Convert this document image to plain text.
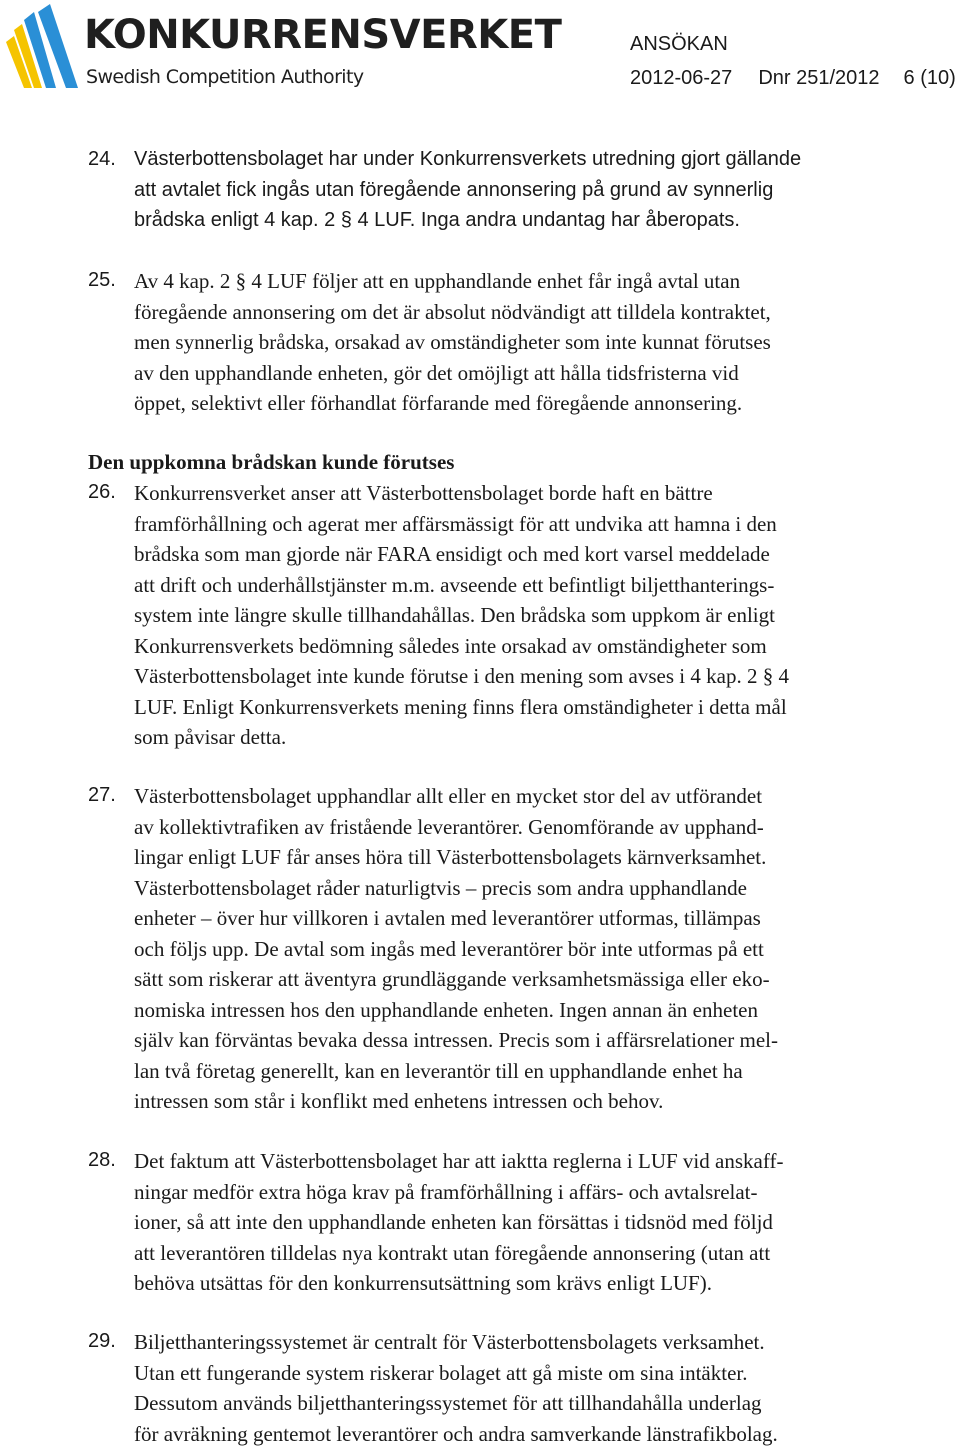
KONKURRENSVERKET
Swedish Competition Authority
ANSÖKAN
2012-06-27 Dnr 251/2012 6 (10)
24. Västerbottensbolaget har under Konkurrensverkets utredning gjort gällande
att avtalet fick ingås utan föregående annonsering på grund av synnerlig
brådska enligt 4 kap. 2 § 4 LUF. Inga andra undantag har åberopats.
25. Av 4 kap. 2 § 4 LUF följer att en upphandlande enhet får ingå avtal utan
föregående annonsering om det är absolut nödvändigt att tilldela kontraktet,
men synnerlig brådska, orsakad av omständigheter som inte kunnat förutses
av den upphandlande enheten, gör det omöjligt att hålla tidsfristerna vid
öppet, selektivt eller förhandlat förfarande med föregående annonsering.
Den uppkomna brådskan kunde förutses
26. Konkurrensverket anser att Västerbottensbolaget borde haft en bättre
framförhållning och agerat mer affärsmässigt för att undvika att hamna i den
brådska som man gjorde när FARA ensidigt och med kort varsel meddelade
att drift och underhållstjänster m.m. avseende ett befintligt biljetthanterings-
system inte längre skulle tillhandahållas. Den brådska som uppkom är enligt
Konkurrensverkets bedömning således inte orsakad av omständigheter som
Västerbottensbolaget inte kunde förutse i den mening som avses i 4 kap. 2 § 4
LUF. Enligt Konkurrensverkets mening finns flera omständigheter i detta mål
som påvisar detta.
27. Västerbottensbolaget upphandlar allt eller en mycket stor del av utförandet
av kollektivtrafiken av fristående leverantörer. Genomförande av upphand-
lingar enligt LUF får anses höra till Västerbottensbolagets kärnverksamhet.
Västerbottensbolaget råder naturligtvis – precis som andra upphandlande
enheter – över hur villkoren i avtalen med leverantörer utformas, tillämpas
och följs upp. De avtal som ingås med leverantörer bör inte utformas på ett
sätt som riskerar att äventyra grundläggande verksamhetsmässiga eller eko-
nomiska intressen hos den upphandlande enheten. Ingen annan än enheten
själv kan förväntas bevaka dessa intressen. Precis som i affärsrelationer mel-
lan två företag generellt, kan en leverantör till en upphandlande enhet ha
intressen som står i konflikt med enhetens intressen och behov.
28. Det faktum att Västerbottensbolaget har att iaktta reglerna i LUF vid anskaff-
ningar medför extra höga krav på framförhållning i affärs- och avtalsrelat-
ioner, så att inte den upphandlande enheten kan försättas i tidsnöd med följd
att leverantören tilldelas nya kontrakt utan föregående annonsering (utan att
behöva utsättas för den konkurrensutsättning som krävs enligt LUF).
29. Biljetthanteringssystemet är centralt för Västerbottensbolagets verksamhet.
Utan ett fungerande system riskerar bolaget att gå miste om sina intäkter.
Dessutom används biljetthanteringssystemet för att tillhandahålla underlag
för avräkning gentemot leverantörer och andra samverkande länstrafikbolag.
